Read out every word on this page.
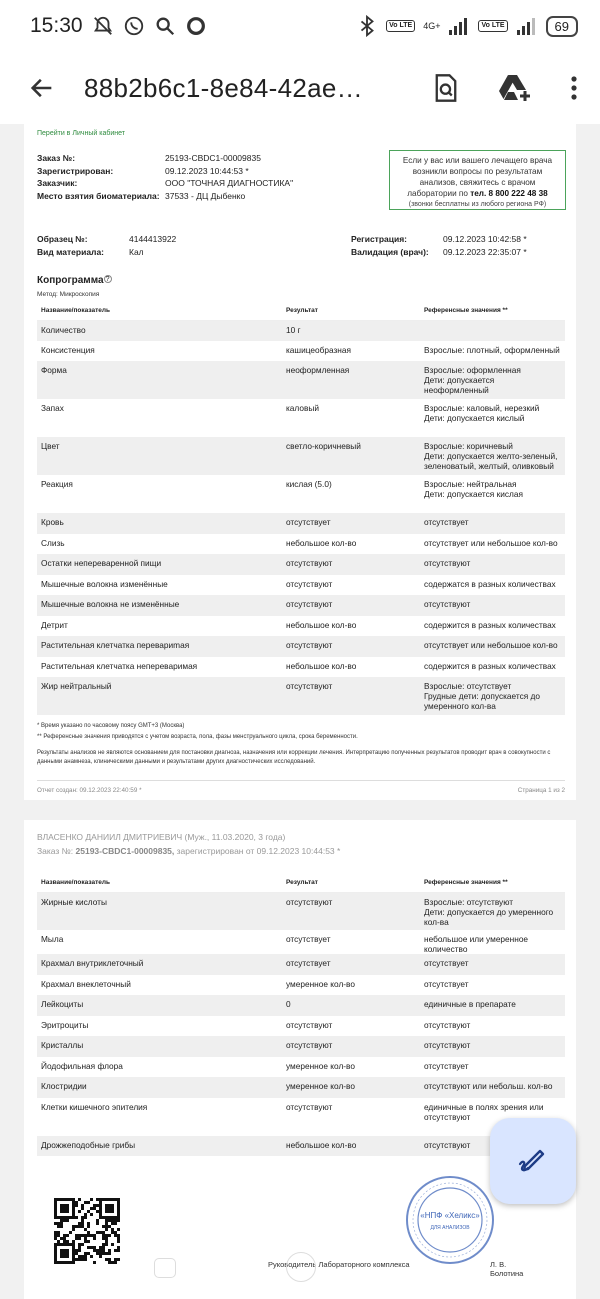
15:30	Vo LTE	4G+	Vo LTE	69
88b2b6c1-8e84-42ae…
Перейти в Личный кабинет
Заказ №:	25193-CBDC1-00009835
Зарегистрирован:	09.12.2023 10:44:53 *
Заказчик:	ООО "ТОЧНАЯ ДИАГНОСТИКА"
Место взятия биоматериала: 37533 - ДЦ Дыбенко
Если у вас или вашего лечащего врача
возникли вопросы по результатам
анализов, свяжитесь с врачом
лаборатории по тел. 8 800 222 48 38
(звонки бесплатны из любого региона РФ)
Образец №:	4144413922
Вид материала:	Кал
Регистрация:	09.12.2023 10:42:58 *
Валидация (врач): 09.12.2023 22:35:07 *
Копрограмма ?
Метод: Микроскопия
Название/показатель	Результат	Референсные значения **
Количество	10 г	
Консистенция	кашицеобразная	Взрослые: плотный, оформленный
Форма	неоформленная	Взрослые: оформленная
Дети: допускается неоформленный
Запах	каловый	Взрослые: каловый, нерезкий
Дети: допускается кислый
Цвет	светло-коричневый	Взрослые: коричневый
Дети: допускается желто-зеленый, зеленоватый, желтый, оливковый
Реакция	кислая (5.0)	Взрослые: нейтральная
Дети: допускается кислая
Кровь	отсутствует	отсутствует
Слизь	небольшое кол-во	отсутствует или небольшое кол-во
Остатки непереваренной пищи	отсутствуют	отсутствуют
Мышечные волокна изменённые	отсутствуют	содержатся в разных количествах
Мышечные волокна не изменённые	отсутствуют	отсутствуют
Детрит	небольшое кол-во	содержится в разных количествах
Растительная клетчатка перевариmая	отсутствуют	отсутствует или небольшое кол-во
Растительная клетчатка непереваримая	небольшое кол-во	содержится в разных количествах
Жир нейтральный	отсутствуют	Взрослые: отсутствует
Грудные дети: допускается до умеренного кол-ва
* Время указано по часовому поясу GMT+3 (Москва)
** Референсные значения приводятся с учетом возраста, пола, фазы менструального цикла, срока беременности.
Результаты анализов не являются основанием для постановки диагноза, назначения или коррекции лечения. Интерпретацию полученных результатов проводит врач в совокупности с данными анамнеза, клиническими данными и результатами других диагностических исследований.
Отчет создан: 09.12.2023 22:40:59 *	Страница 1 из 2
ВЛАСЕНКО ДАНИИЛ ДМИТРИЕВИЧ (Муж., 11.03.2020, 3 года)
Заказ №: 25193-CBDC1-00009835, зарегистрирован от 09.12.2023 10:44:53 *
Название/показатель	Результат	Референсные значения **
Жирные кислоты	отсутствуют	Взрослые: отсутствуют
Дети: допускается до умеренного кол-ва
Мыла	отсутствует	небольшое или умеренное количество
Крахмал внутриклеточный	отсутствует	отсутствует
Крахмал внеклеточный	умеренное кол-во	отсутствует
Лейкоциты	0	единичные в препарате
Эритроциты	отсутствуют	отсутствуют
Кристаллы	отсутствуют	отсутствуют
Йодофильная флора	умеренное кол-во	отсутствует
Клостридии	умеренное кол-во	отсутствуют или небольш. кол-во
Клетки кишечного эпителия	отсутствуют	единичные в полях зрения или отсутствуют
Дрожжеподобные грибы	небольшое кол-во	отсутствуют
«НПФ «Хеликс»
ДЛЯ АНАЛИЗОВ
Руководитель Лабораторного комплекса	Л. В. Болотина
